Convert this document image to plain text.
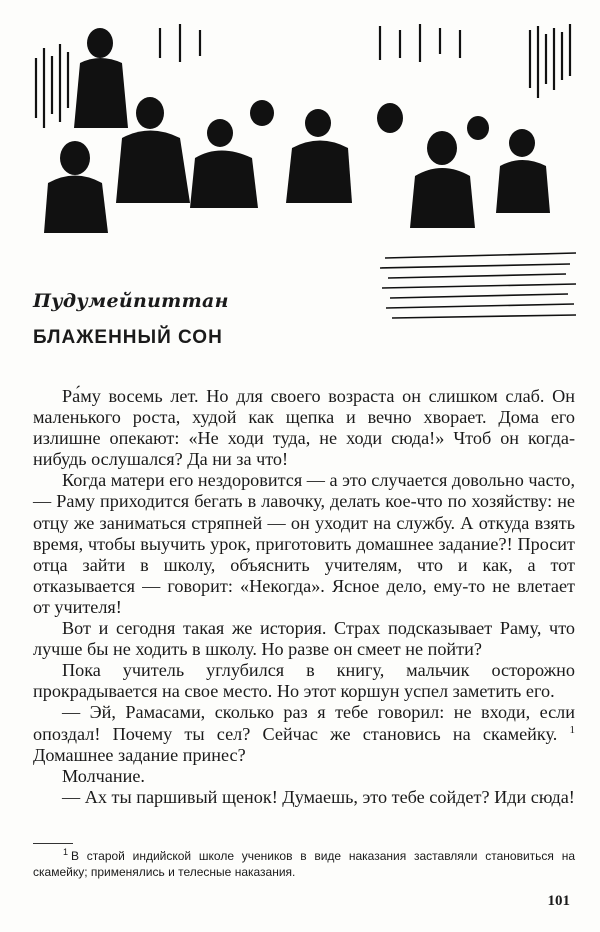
Пудумейпиттан
БЛАЖЕННЫЙ СОН

Ра́му восемь лет. Но для своего возраста он слишком слаб. Он маленького роста, худой как щепка и вечно хворает. Дома его излишне опекают: «Не ходи туда, не ходи сюда!» Чтоб он когда-нибудь ослушался? Да ни за что!

Когда матери его нездоровится — а это случается довольно часто, — Раму приходится бегать в лавочку, делать кое-что по хозяйству: не отцу же заниматься стряпней — он уходит на службу. А откуда взять время, чтобы выучить урок, приготовить домашнее задание?! Просит отца зайти в школу, объяснить учителям, что и как, а тот отказывается — говорит: «Некогда». Ясное дело, ему-то не влетает от учителя!

Вот и сегодня такая же история. Страх подсказывает Раму, что лучше бы не ходить в школу. Но разве он смеет не пойти?

Пока учитель углубился в книгу, мальчик осторожно прокрадывается на свое место. Но этот коршун успел заметить его.

— Эй, Рамасами, сколько раз я тебе говорил: не входи, если опоздал! Почему ты сел? Сейчас же становись на скамейку. $^1$ Домашнее задание принес?

Молчание.

— Ах ты паршивый щенок! Думаешь, это тебе сойдет? Иди сюда!

$^1$ В старой индийской школе учеников в виде наказания заставляли становиться на скамейку; применялись и телесные наказания.
101
